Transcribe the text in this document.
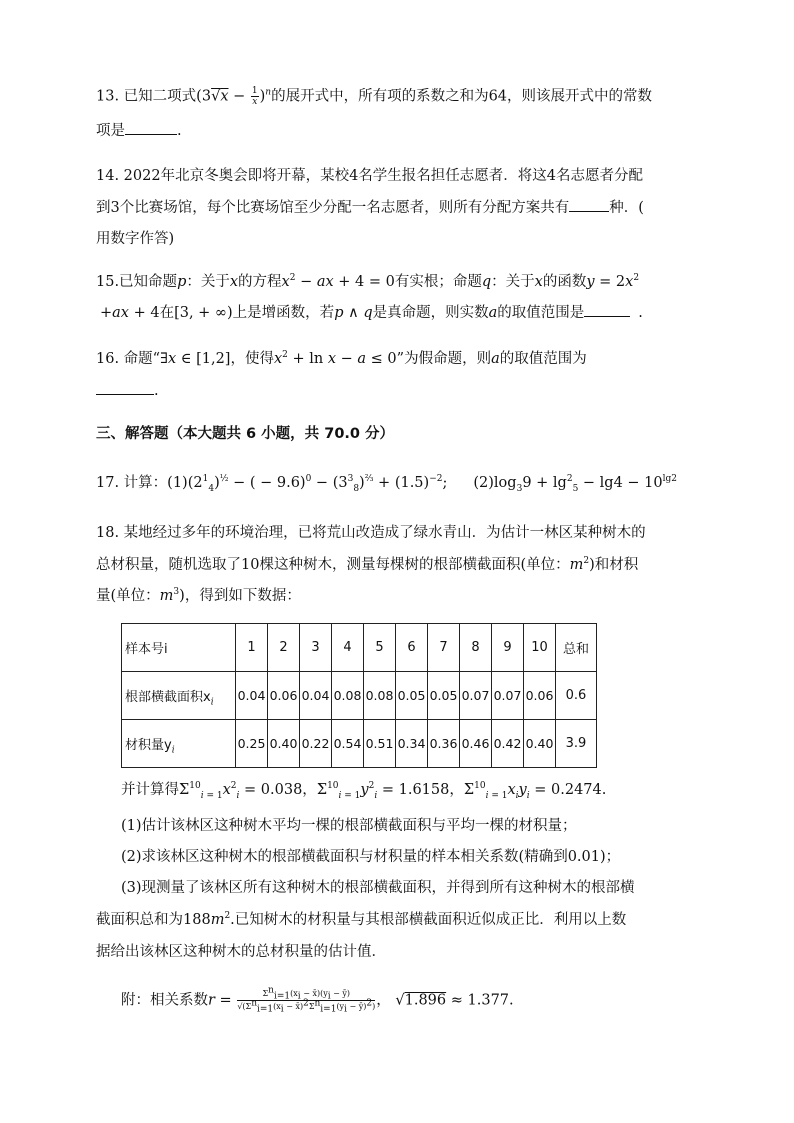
13. 已知二项式$(3√x - \frac{1}{x} )^n$的展开式中，所有项的系数之和为64，则该展开式中的常数
项是	.
14. 2022年北京冬奥会即将开幕，某校4名学生报名担任志愿者．将这4名志愿者分配
到3个比赛场馆，每个比赛场馆至少分配一名志愿者，则所有分配方案共有	种．(
用数字作答)
15.已知命题p：关于x的方程$x^2$ − ax + 4 = 0有实根；命题q：关于x的函数$y = 2x^2$
+ax + 4在[3, + ∞)上是增函数，若p ∧ q是真命题，则实数a的取值范围是	.
16. 命题“∃x ∈ [1,2]，使得$x^2 + \ln x - a \le 0$”为假命题，则a的取值范围为
.
三、解答题（本大题共 6 小题，共 70.0 分）
17. 计算：$(1)(2^1_4)^{\frac{1}{2}}$ − ( − $9.6)^0 - (3^3_8)^{\frac{2}{3}} + (1.5)^{-2}$; $(2)\log_39 + \lg^2_5 - \lg 4 - 10^{lg2}$
18. 某地经过多年的环境治理，已将荒山改造成了绿水青山．为估计一林区某种树木的
总材积量，随机选取了10棵这种树木，测量每棵树的根部横截面积(单位：$m^2$)和材积
量(单位：$m^3$)，得到如下数据：
样本号i	1	2	3	4	5	6	7	8	9	10	总和
根部横截面积$x_i$	0.04	0.06	0.04	0.08	0.08	0.05	0.05	0.07	0.07	0.06	0.6
材积量$y_i$	0.25	0.40	0.22	0.54	0.51	0.34	0.36	0.46	0.42	0.40	3.9
并计算得$\Sigma^{10}_{i = 1}x^2_i = 0.038$，$\Sigma^{10}_{i = 1}y^2_i = 1.6158$，$\Sigma^{10}_{i = 1}x_iy_i = 0.2474$.
(1)估计该林区这种树木平均一棵的根部横截面积与平均一棵的材积量；
(2)求该林区这种树木的根部横截面积与材积量的样本相关系数(精确到0.01)；
(3)现测量了该林区所有这种树木的根部横截面积，并得到所有这种树木的根部横
截面积总和为$188m^2$.已知树木的材积量与其根部横截面积近似成正比．利用以上数
据给出该林区这种树木的总材积量的估计值．
附：相关系数$r = \frac{\Sigma^n_{i=1}(x_i - x̄)(y_i - ȳ)}{√(\Sigma^n_{i=1}(x_i - x̄)^2\Sigma^n_{i=1}(y_i - ȳ)^2)}$ ， √1.896 ≈ 1.377.
